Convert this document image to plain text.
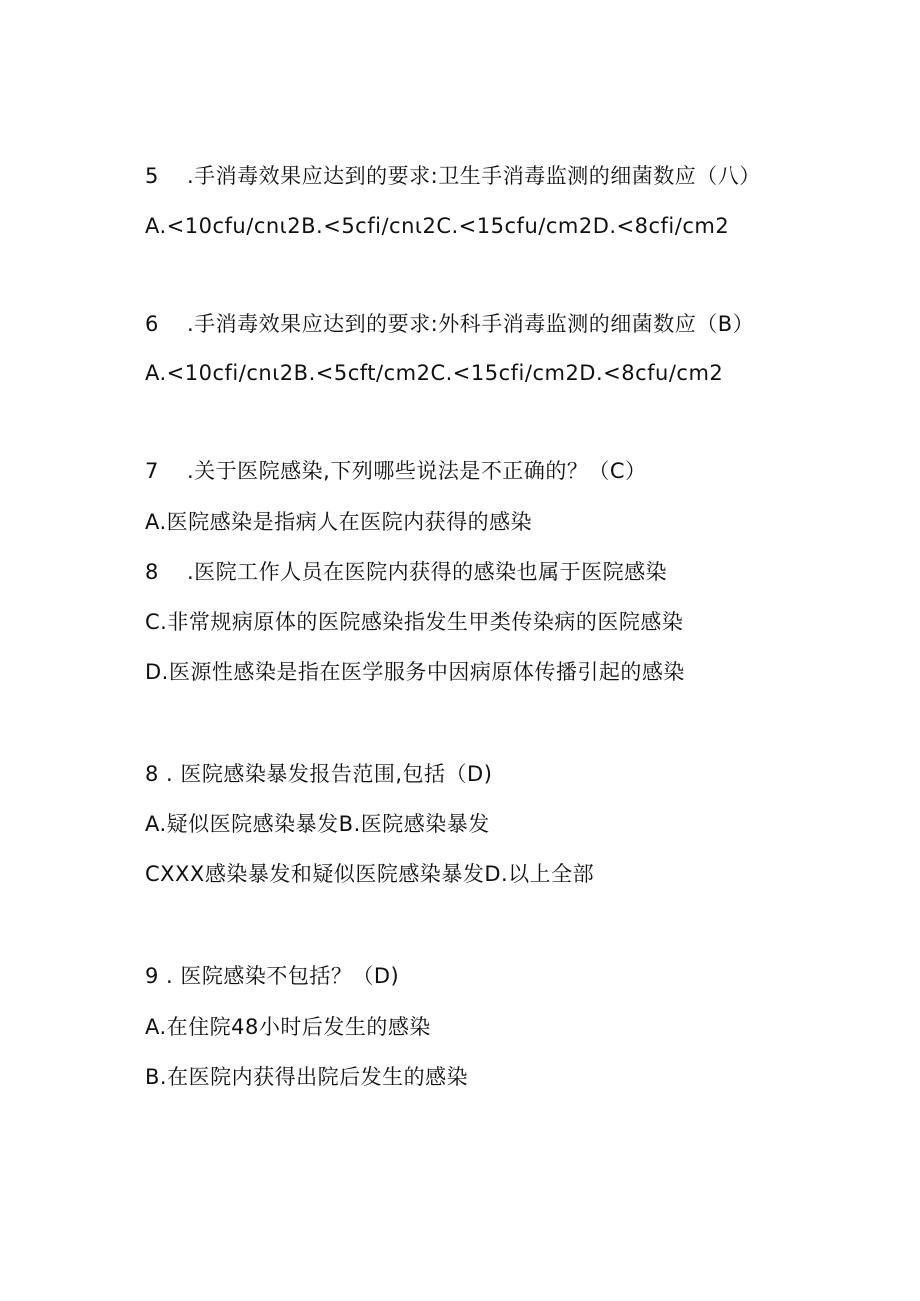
5 .手消毒效果应达到的要求:卫生手消毒监测的细菌数应（八）
A.<10cfu∕cnι2B.<5cfi∕cnι2C.<15cfu∕cm2D.<8cfi∕cm2
6 .手消毒效果应达到的要求:外科手消毒监测的细菌数应（B）
A.<10cfi∕cnι2B.<5cft∕cm2C.<15cfi∕cm2D.<8cfu∕cm2
7 .关于医院感染,下列哪些说法是不正确的？（C）
A.医院感染是指病人在医院内获得的感染
8 .医院工作人员在医院内获得的感染也属于医院感染
C.非常规病原体的医院感染指发生甲类传染病的医院感染
D.医源性感染是指在医学服务中因病原体传播引起的感染
8 . 医院感染暴发报告范围,包括（D)
A.疑似医院感染暴发B.医院感染暴发
CXXX感染暴发和疑似医院感染暴发D.以上全部
9 . 医院感染不包括？（D)
A.在住院48小时后发生的感染
B.在医院内获得出院后发生的感染
